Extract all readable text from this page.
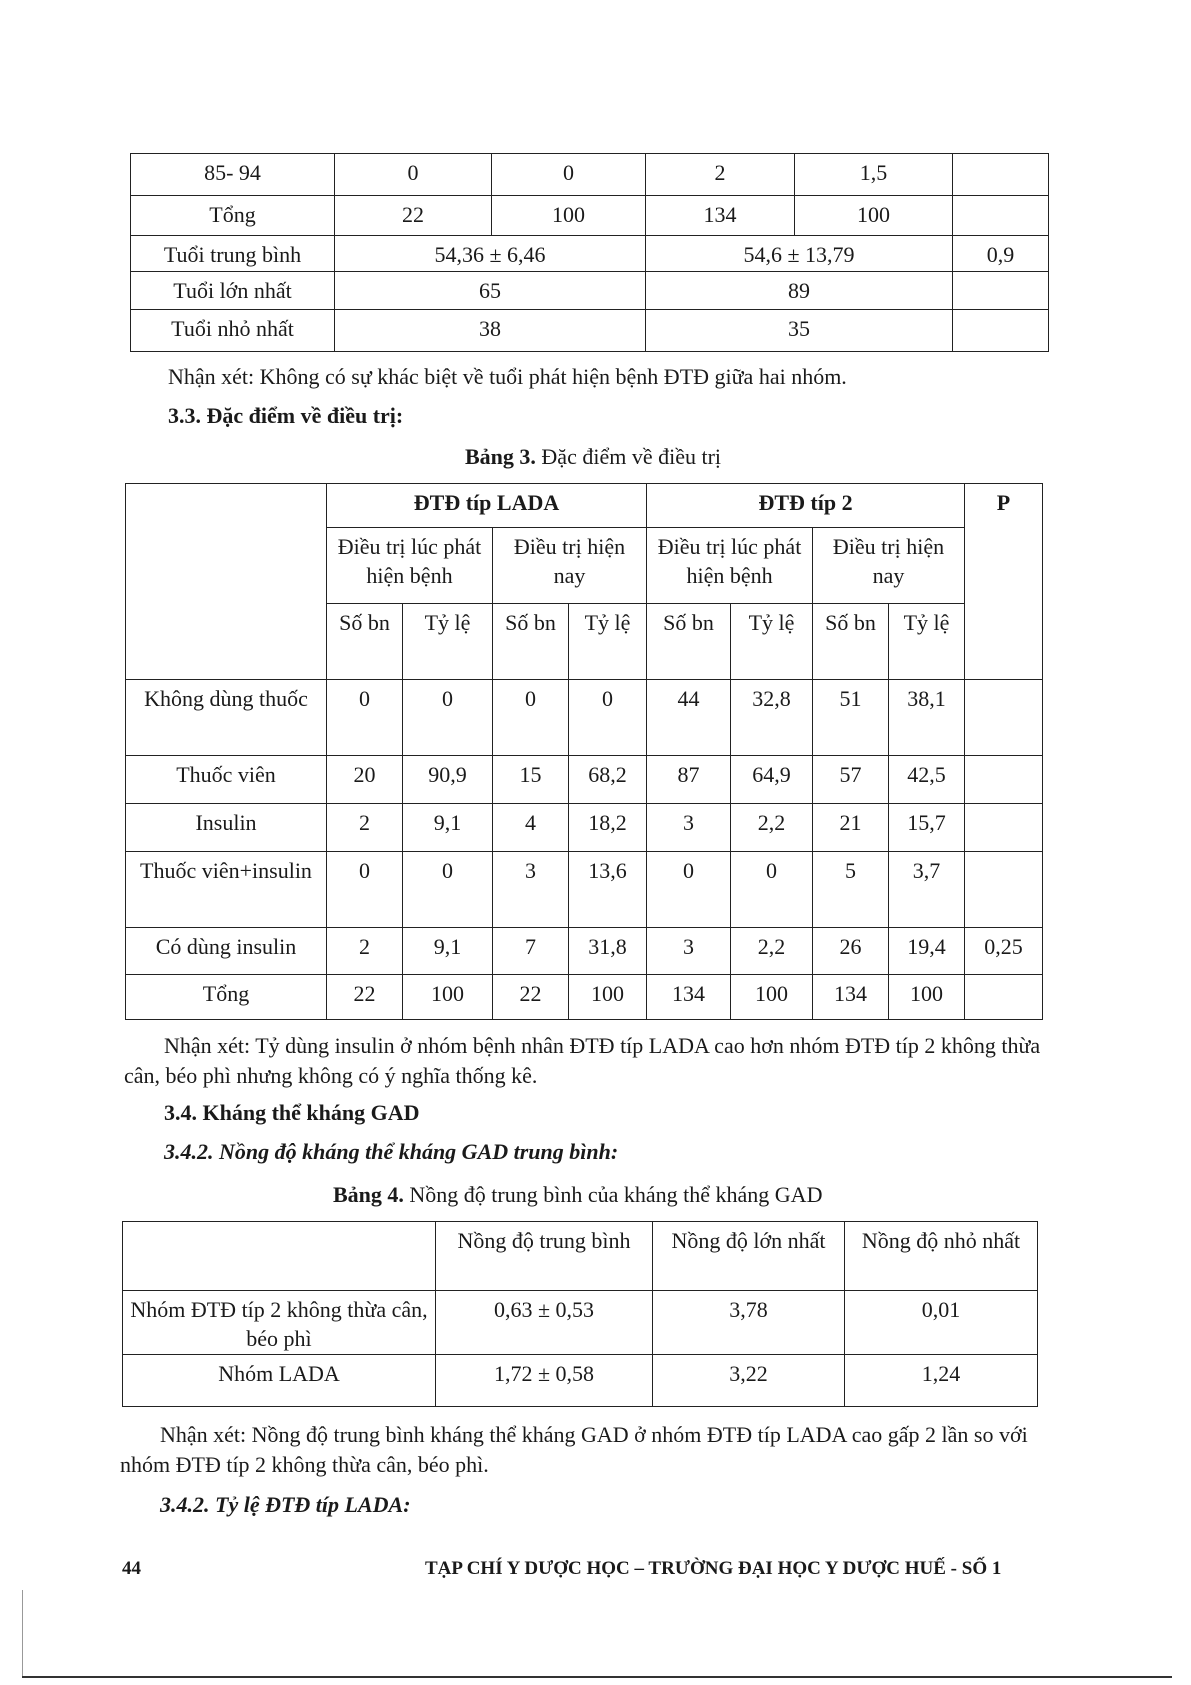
85- 94	0	0	2	1,5	
Tổng	22	100	134	100	
Tuổi trung bình	54,36 ± 6,46		54,6 ± 13,79		0,9
Tuổi lớn nhất	65		89		
Tuổi nhỏ nhất	38		35		
Nhận xét: Không có sự khác biệt về tuổi phát hiện bệnh ĐTĐ giữa hai nhóm.
3.3. Đặc điểm về điều trị:
Bảng 3. Đặc điểm về điều trị
	ĐTĐ típ LADA				ĐTĐ típ 2				P
	Điều trị lúc phát hiện bệnh		Điều trị hiện nay		Điều trị lúc phát hiện bệnh		Điều trị hiện nay		
	Số bn	Tỷ lệ	Số bn	Tỷ lệ	Số bn	Tỷ lệ	Số bn	Tỷ lệ	
Không dùng thuốc	0	0	0	0	44	32,8	51	38,1	
Thuốc viên	20	90,9	15	68,2	87	64,9	57	42,5	
Insulin	2	9,1	4	18,2	3	2,2	21	15,7	
Thuốc viên+insulin	0	0	3	13,6	0	0	5	3,7	
Có dùng insulin	2	9,1	7	31,8	3	2,2	26	19,4	0,25
Tổng	22	100	22	100	134	100	134	100	
Nhận xét: Tỷ dùng insulin ở nhóm bệnh nhân ĐTĐ típ LADA cao hơn nhóm ĐTĐ típ 2 không thừa cân, béo phì nhưng không có ý nghĩa thống kê.
3.4. Kháng thể kháng GAD
3.4.2. Nồng độ kháng thể kháng GAD trung bình:
Bảng 4. Nồng độ trung bình của kháng thể kháng GAD
	Nồng độ trung bình	Nồng độ lớn nhất	Nồng độ nhỏ nhất
Nhóm ĐTĐ típ 2 không thừa cân, béo phì	0,63 ± 0,53	3,78	0,01
Nhóm LADA	1,72 ± 0,58	3,22	1,24
Nhận xét: Nồng độ trung bình kháng thể kháng GAD ở nhóm ĐTĐ típ LADA cao gấp 2 lần so với nhóm ĐTĐ típ 2 không thừa cân, béo phì.
3.4.2. Tỷ lệ ĐTĐ típ LADA:
44	TẠP CHÍ Y DƯỢC HỌC – TRƯỜNG ĐẠI HỌC Y DƯỢC HUẾ - SỐ 1
